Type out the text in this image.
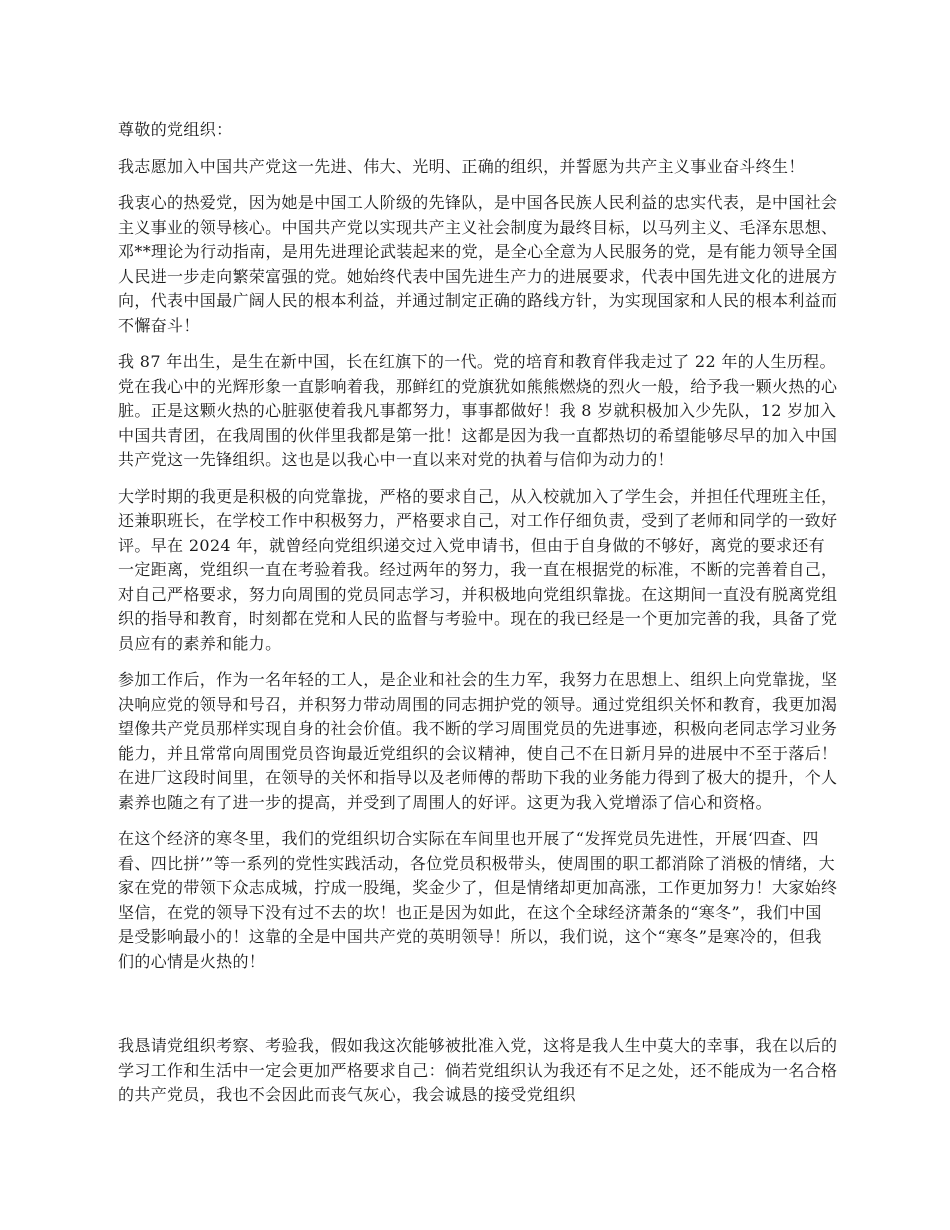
尊敬的党组织：

我志愿加入中国共产党这一先进、伟大、光明、正确的组织，并誓愿为共产主义事业奋斗终生！

我衷心的热爱党，因为她是中国工人阶级的先锋队，是中国各民族人民利益的忠实代表，是中国社会主义事业的领导核心。中国共产党以实现共产主义社会制度为最终目标，以马列主义、毛泽东思想、邓**理论为行动指南，是用先进理论武装起来的党，是全心全意为人民服务的党，是有能力领导全国人民进一步走向繁荣富强的党。她始终代表中国先进生产力的进展要求，代表中国先进文化的进展方向，代表中国最广阔人民的根本利益，并通过制定正确的路线方针，为实现国家和人民的根本利益而不懈奋斗！

我 87 年出生，是生在新中国，长在红旗下的一代。党的培育和教育伴我走过了 22 年的人生历程。党在我心中的光辉形象一直影响着我，那鲜红的党旗犹如熊熊燃烧的烈火一般，给予我一颗火热的心脏。正是这颗火热的心脏驱使着我凡事都努力，事事都做好！我 8 岁就积极加入少先队，12 岁加入中国共青团，在我周围的伙伴里我都是第一批！这都是因为我一直都热切的希望能够尽早的加入中国共产党这一先锋组织。这也是以我心中一直以来对党的执着与信仰为动力的！

大学时期的我更是积极的向党靠拢，严格的要求自己，从入校就加入了学生会，并担任代理班主任，还兼职班长，在学校工作中积极努力，严格要求自己，对工作仔细负责，受到了老师和同学的一致好评。早在 2024 年，就曾经向党组织递交过入党申请书，但由于自身做的不够好，离党的要求还有一定距离，党组织一直在考验着我。经过两年的努力，我一直在根据党的标准，不断的完善着自己，对自己严格要求，努力向周围的党员同志学习，并积极地向党组织靠拢。在这期间一直没有脱离党组织的指导和教育，时刻都在党和人民的监督与考验中。现在的我已经是一个更加完善的我，具备了党员应有的素养和能力。

参加工作后，作为一名年轻的工人，是企业和社会的生力军，我努力在思想上、组织上向党靠拢，坚决响应党的领导和号召，并积努力带动周围的同志拥护党的领导。通过党组织关怀和教育，我更加渴望像共产党员那样实现自身的社会价值。我不断的学习周围党员的先进事迹，积极向老同志学习业务能力，并且常常向周围党员咨询最近党组织的会议精神，使自己不在日新月异的进展中不至于落后！在进厂这段时间里，在领导的关怀和指导以及老师傅的帮助下我的业务能力得到了极大的提升，个人素养也随之有了进一步的提高，并受到了周围人的好评。这更为我入党增添了信心和资格。

在这个经济的寒冬里，我们的党组织切合实际在车间里也开展了“发挥党员先进性，开展‘四查、四看、四比拼’”等一系列的党性实践活动，各位党员积极带头，使周围的职工都消除了消极的情绪，大家在党的带领下众志成城，拧成一股绳，奖金少了，但是情绪却更加高涨，工作更加努力！大家始终坚信，在党的领导下没有过不去的坎！也正是因为如此，在这个全球经济萧条的“寒冬”，我们中国是受影响最小的！这靠的全是中国共产党的英明领导！所以，我们说，这个“寒冬”是寒冷的，但我们的心情是火热的！

我恳请党组织考察、考验我，假如我这次能够被批准入党，这将是我人生中莫大的幸事，我在以后的学习工作和生活中一定会更加严格要求自己：倘若党组织认为我还有不足之处，还不能成为一名合格的共产党员，我也不会因此而丧气灰心，我会诚恳的接受党组织
